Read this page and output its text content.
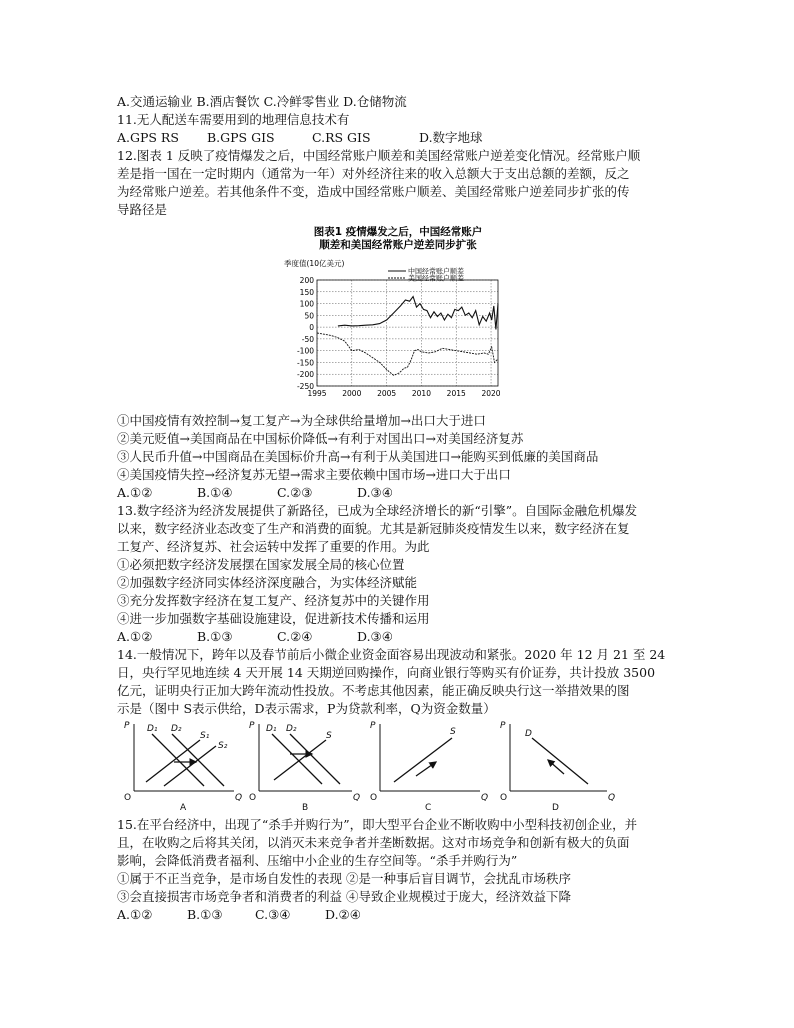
A.交通运输业 B.酒店餐饮 C.冷鲜零售业 D.仓储物流
11.无人配送车需要用到的地理信息技术有
A.GPS RS B.GPS GIS	C.RS GIS	D.数字地球
12.图表 1 反映了疫情爆发之后，中国经常账户顺差和美国经常账户逆差变化情况。经常账户顺
差是指一国在一定时期内（通常为一年）对外经济往来的收入总额大于支出总额的差额，反之
为经常账户逆差。若其他条件不变，造成中国经常账户顺差、美国经常账户逆差同步扩张的传
导路径是
图表1 疫情爆发之后，中国经常账户
顺差和美国经常账户逆差同步扩张
季度值(10亿美元)
200
150
100
50
0
-50
-100
-150
-200
-250
1995 2000 2005 2010 2015 2020
中国经常账户顺差
美国经常账户顺差
①中国疫情有效控制→复工复产→为全球供给量增加→出口大于进口
②美元贬值→美国商品在中国标价降低→有利于对国出口→对美国经济复苏
③人民币升值→中国商品在美国标价升高→有利于从美国进口→能购买到低廉的美国商品
④美国疫情失控→经济复苏无望→需求主要依赖中国市场→进口大于出口
A.①②	B.①④	C.②③	D.③④
13.数字经济为经济发展提供了新路径，已成为全球经济增长的新“引擎”。自国际金融危机爆发
以来，数字经济业态改变了生产和消费的面貌。尤其是新冠肺炎疫情发生以来，数字经济在复
工复产、经济复苏、社会运转中发挥了重要的作用。为此
①必须把数字经济发展摆在国家发展全局的核心位置
②加强数字经济同实体经济深度融合，为实体经济赋能
③充分发挥数字经济在复工复产、经济复苏中的关键作用
④进一步加强数字基础设施建设，促进新技术传播和运用
A.①②	B.①③	C.②④	D.③④
14.一般情况下，跨年以及春节前后小微企业资金面容易出现波动和紧张。2020 年 12 月 21 至 24
日，央行罕见地连续 4 天开展 14 天期逆回购操作，向商业银行等购买有价证券，共计投放 3500
亿元，证明央行正加大跨年流动性投放。不考虑其他因素，能正确反映央行这一举措效果的图
示是（图中 S表示供给，D表示需求，P为贷款利率，Q为资金数量）
P
Q
O
D₁ D₂
S₁
S₂
A
P
Q
O
D₁ D₂
S
B
P
Q
O
S
C
P
Q
O
D
D
15.在平台经济中，出现了“杀手并购行为”，即大型平台企业不断收购中小型科技初创企业，并
且，在收购之后将其关闭，以消灭未来竞争者并垄断数据。这对市场竞争和创新有极大的负面
影响，会降低消费者福利、压缩中小企业的生存空间等。“杀手并购行为”
①属于不正当竞争，是市场自发性的表现 ②是一种事后盲目调节，会扰乱市场秩序
③会直接损害市场竞争者和消费者的利益 ④导致企业规模过于庞大，经济效益下降
A.①②	B.①③	C.③④	D.②④
